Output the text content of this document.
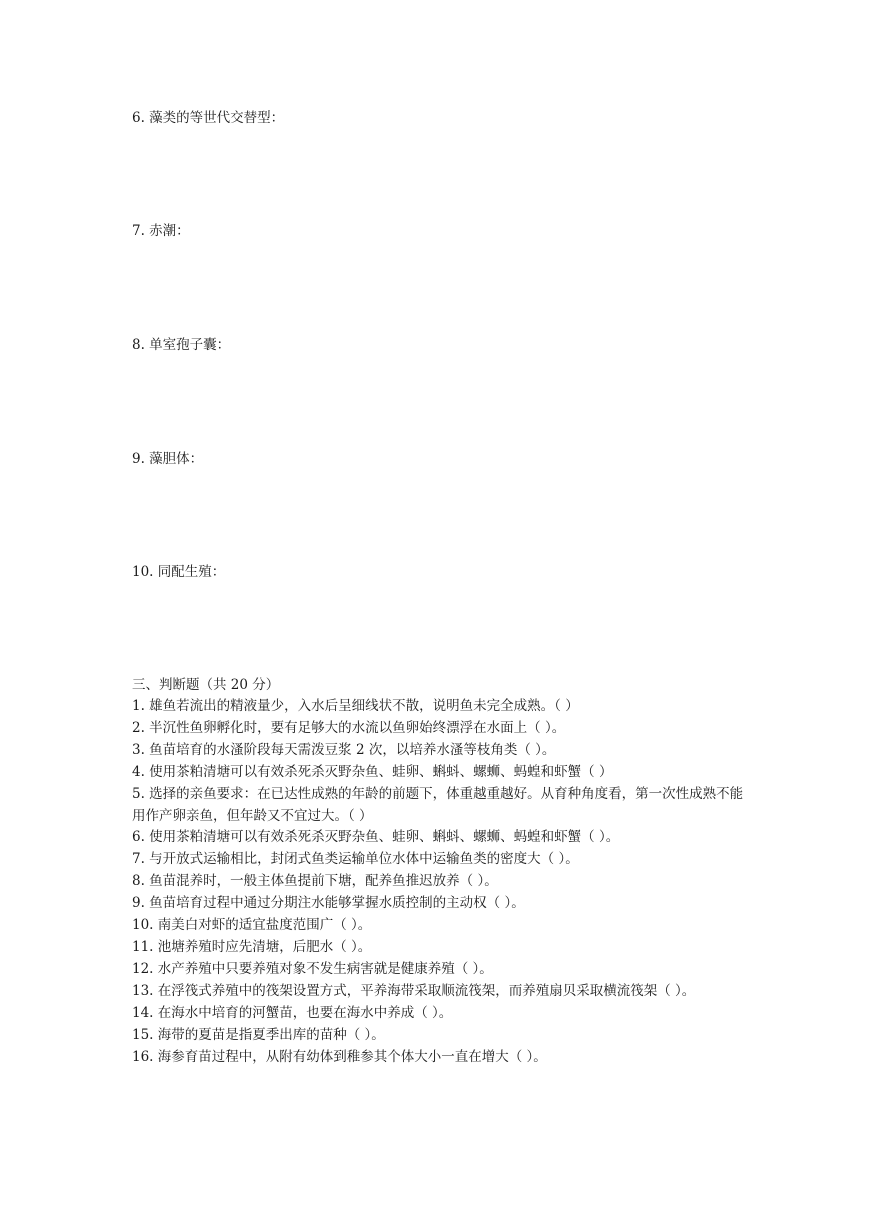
6. 藻类的等世代交替型：
7. 赤潮：
8. 单室孢子囊：
9. 藻胆体：
10. 同配生殖：
三、判断题（共 20 分）
1. 雄鱼若流出的精液量少，入水后呈细线状不散，说明鱼未完全成熟。（ ）
2. 半沉性鱼卵孵化时，要有足够大的水流以鱼卵始终漂浮在水面上（ ）。
3. 鱼苗培育的水溞阶段每天需泼豆浆 2 次，以培养水溞等枝角类（ ）。
4. 使用茶粕清塘可以有效杀死杀灭野杂鱼、蛙卵、蝌蚪、螺蛳、蚂蝗和虾蟹（ ）
5. 选择的亲鱼要求：在已达性成熟的年龄的前题下，体重越重越好。从育种角度看，第一次性成熟不能用作产卵亲鱼，但年龄又不宜过大。（ ）
6. 使用茶粕清塘可以有效杀死杀灭野杂鱼、蛙卵、蝌蚪、螺蛳、蚂蝗和虾蟹（ ）。
7. 与开放式运输相比，封闭式鱼类运输单位水体中运输鱼类的密度大（ ）。
8. 鱼苗混养时，一般主体鱼提前下塘，配养鱼推迟放养（ ）。
9. 鱼苗培育过程中通过分期注水能够掌握水质控制的主动权（ ）。
10. 南美白对虾的适宜盐度范围广（ ）。
11. 池塘养殖时应先清塘，后肥水（ ）。
12. 水产养殖中只要养殖对象不发生病害就是健康养殖（ ）。
13. 在浮筏式养殖中的筏架设置方式，平养海带采取顺流筏架，而养殖扇贝采取横流筏架（ ）。
14. 在海水中培育的河蟹苗，也要在海水中养成（ ）。
15. 海带的夏苗是指夏季出库的苗种（ ）。
16. 海参育苗过程中，从附有幼体到稚参其个体大小一直在增大（ ）。
